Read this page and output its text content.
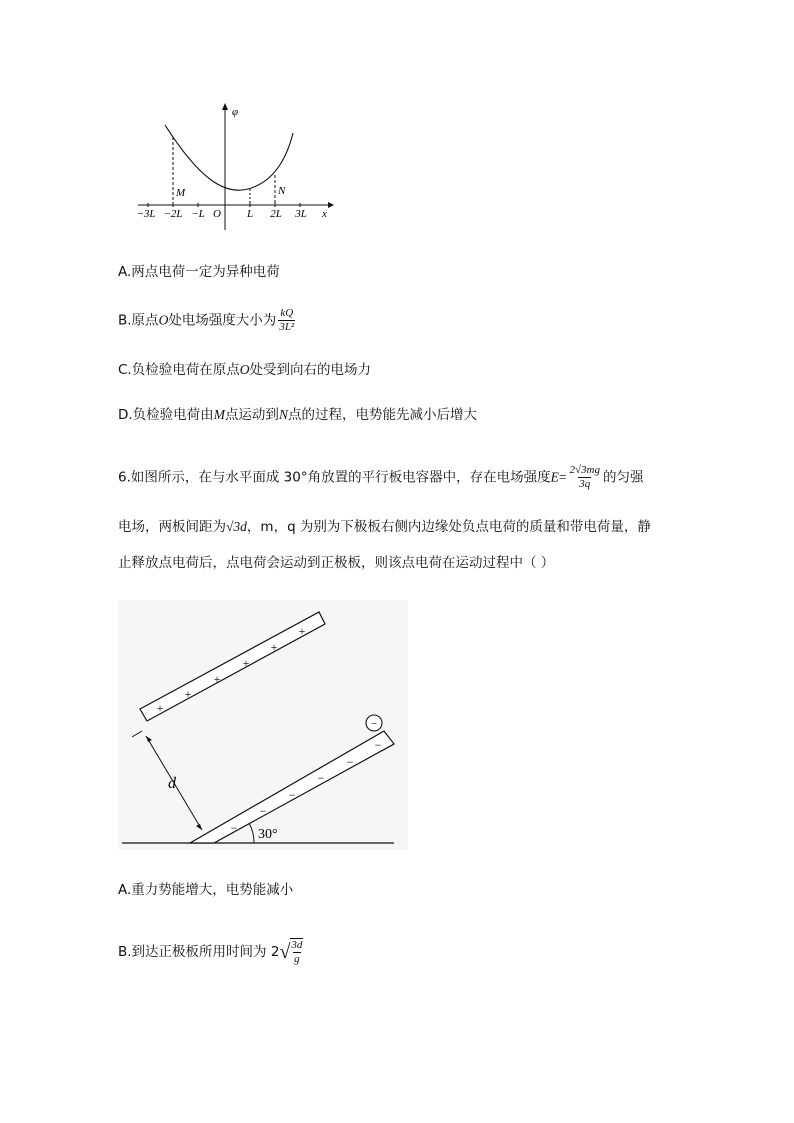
φ
x
M	N
−3L −2L −L O L 2L 3L
A.两点电荷一定为异种电荷
B.原点O处电场强度大小为 $\frac{kQ}{\text{3L²}}$
C.负检验电荷在原点O处受到向右的电场力
D.负检验电荷由M点运动到N点的过程，电势能先减小后增大
6.如图所示，在与水平面成 30°角放置的平行板电容器中，存在电场强度$E= \frac{2√3mg}{3q}$ 的匀强
电场，两板间距为√3d，m，q 为别为下极板右侧内边缘处负点电荷的质量和带电荷量，静
止释放点电荷后，点电荷会运动到正极板，则该点电荷在运动过程中（ ）
+
+
+
+
+
+
−
−
−
−
−
−
−
d
30°
A.重力势能增大，电势能减小
B.到达正极板所用时间为 $2√ \frac{3d}{g}$
